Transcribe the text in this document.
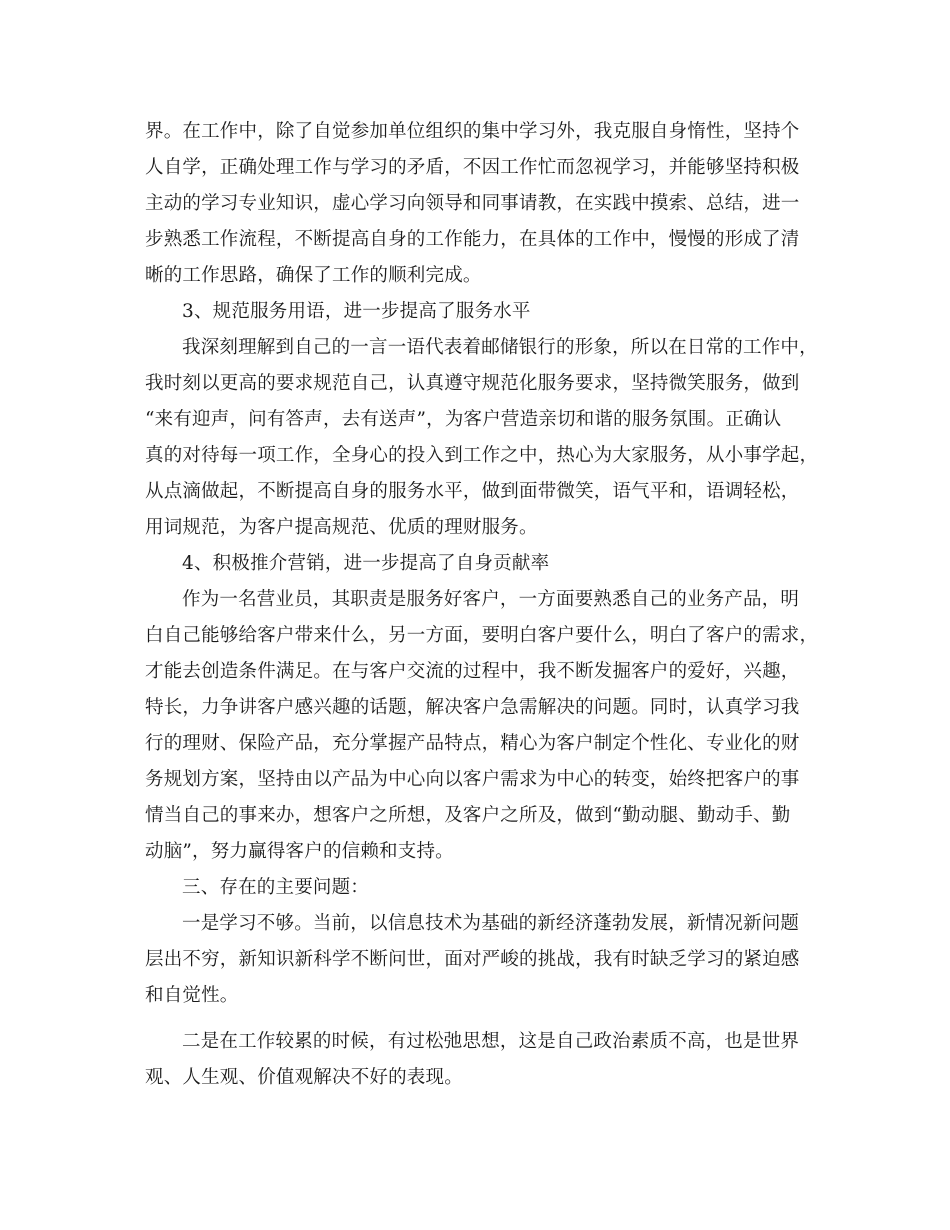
界。在工作中，除了自觉参加单位组织的集中学习外，我克服自身惰性，坚持个
人自学，正确处理工作与学习的矛盾，不因工作忙而忽视学习，并能够坚持积极
主动的学习专业知识，虚心学习向领导和同事请教，在实践中摸索、总结，进一
步熟悉工作流程，不断提高自身的工作能力，在具体的工作中，慢慢的形成了清
晰的工作思路，确保了工作的顺利完成。
3、规范服务用语，进一步提高了服务水平
我深刻理解到自己的一言一语代表着邮储银行的形象，所以在日常的工作中，
我时刻以更高的要求规范自己，认真遵守规范化服务要求，坚持微笑服务，做到
“来有迎声，问有答声，去有送声”，为客户营造亲切和谐的服务氛围。正确认
真的对待每一项工作，全身心的投入到工作之中，热心为大家服务，从小事学起，
从点滴做起，不断提高自身的服务水平，做到面带微笑，语气平和，语调轻松，
用词规范，为客户提高规范、优质的理财服务。
4、积极推介营销，进一步提高了自身贡献率
作为一名营业员，其职责是服务好客户，一方面要熟悉自己的业务产品，明
白自己能够给客户带来什么，另一方面，要明白客户要什么，明白了客户的需求，
才能去创造条件满足。在与客户交流的过程中，我不断发掘客户的爱好，兴趣，
特长，力争讲客户感兴趣的话题，解决客户急需解决的问题。同时，认真学习我
行的理财、保险产品，充分掌握产品特点，精心为客户制定个性化、专业化的财
务规划方案，坚持由以产品为中心向以客户需求为中心的转变，始终把客户的事
情当自己的事来办，想客户之所想，及客户之所及，做到“勤动腿、勤动手、勤
动脑”，努力赢得客户的信赖和支持。
三、存在的主要问题：
一是学习不够。当前，以信息技术为基础的新经济蓬勃发展，新情况新问题
层出不穷，新知识新科学不断问世，面对严峻的挑战，我有时缺乏学习的紧迫感
和自觉性。
二是在工作较累的时候，有过松弛思想，这是自己政治素质不高，也是世界
观、人生观、价值观解决不好的表现。
